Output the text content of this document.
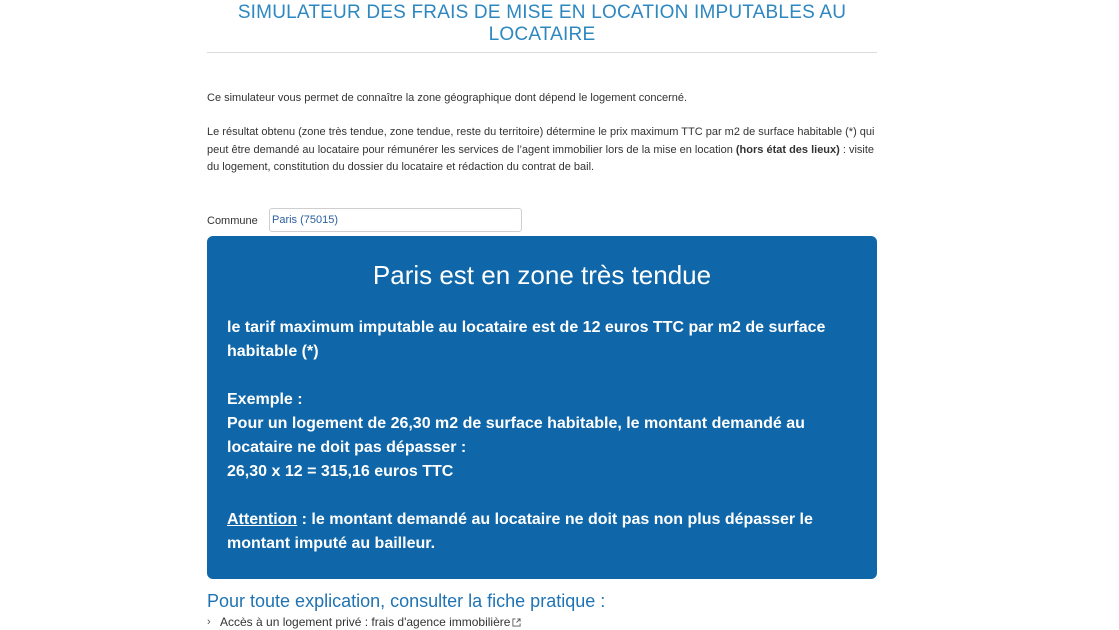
SIMULATEUR DES FRAIS DE MISE EN LOCATION IMPUTABLES AU LOCATAIRE

Ce simulateur vous permet de connaître la zone géographique dont dépend le logement concerné.

Le résultat obtenu (zone très tendue, zone tendue, reste du territoire) détermine le prix maximum TTC par m2 de surface habitable (*) qui peut être demandé au locataire pour rémunérer les services de l’agent immobilier lors de la mise en location (hors état des lieux) : visite du logement, constitution du dossier du locataire et rédaction du contrat de bail.

Commune
Paris (75015)
Paris est en zone très tendue

le tarif maximum imputable au locataire est de 12 euros TTC par m2 de surface habitable (*)

Exemple :

Pour un logement de 26,30 m2 de surface habitable, le montant demandé au locataire ne doit pas dépasser :

26,30 x 12 = 315,16 euros TTC

Attention : le montant demandé au locataire ne doit pas non plus dépasser le montant imputé au bailleur.

Pour toute explication, consulter la fiche pratique :
› Accès à un logement privé : frais d'agence immobilière
